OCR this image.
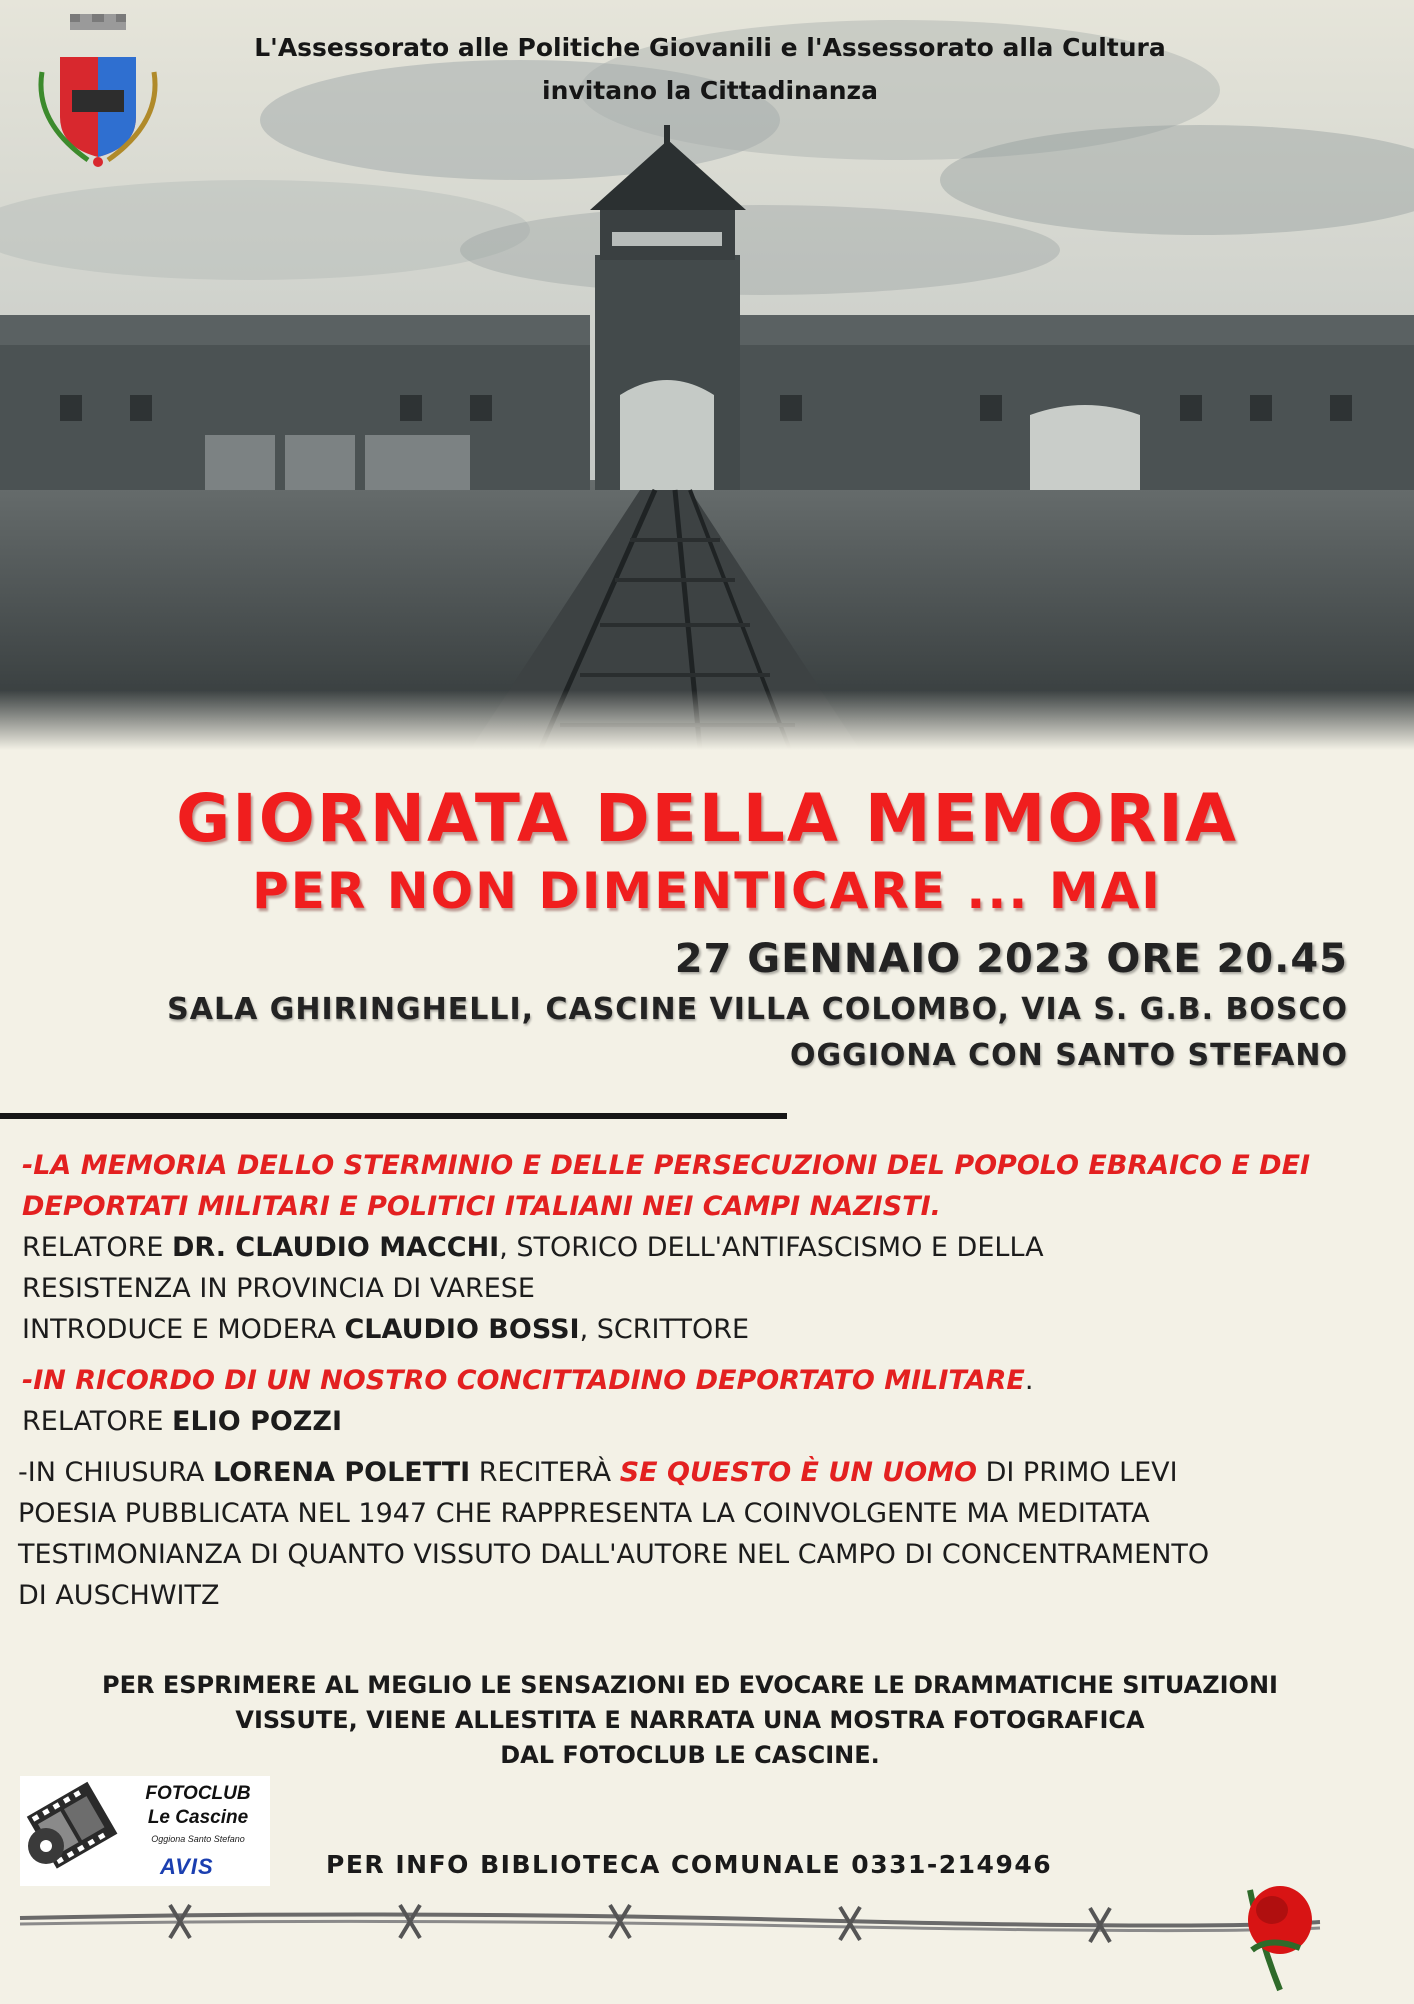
L'Assessorato alle Politiche Giovanili e l'Assessorato alla Cultura
invitano la Cittadinanza
GIORNATA DELLA MEMORIA
PER NON DIMENTICARE ... MAI
27 GENNAIO 2023 ORE 20.45
SALA GHIRINGHELLI, CASCINE VILLA COLOMBO, VIA S. G.B. BOSCO
OGGIONA CON SANTO STEFANO

-LA MEMORIA DELLO STERMINIO E DELLE PERSECUZIONI DEL POPOLO EBRAICO E DEI

DEPORTATI MILITARI E POLITICI ITALIANI NEI CAMPI NAZISTI.

RELATORE DR. CLAUDIO MACCHI, STORICO DELL'ANTIFASCISMO E DELLA

RESISTENZA IN PROVINCIA DI VARESE

INTRODUCE E MODERA CLAUDIO BOSSI, SCRITTORE

-IN RICORDO DI UN NOSTRO CONCITTADINO DEPORTATO MILITARE.

RELATORE ELIO POZZI

-IN CHIUSURA LORENA POLETTI RECITERÀ SE QUESTO È UN UOMO DI PRIMO LEVI

POESIA PUBBLICATA NEL 1947 CHE RAPPRESENTA LA COINVOLGENTE MA MEDITATA

TESTIMONIANZA DI QUANTO VISSUTO DALL'AUTORE NEL CAMPO DI CONCENTRAMENTO

DI AUSCHWITZ

PER ESPRIMERE AL MEGLIO LE SENSAZIONI ED EVOCARE LE DRAMMATICHE SITUAZIONI
VISSUTE, VIENE ALLESTITA E NARRATA UNA MOSTRA FOTOGRAFICA
DAL FOTOCLUB LE CASCINE.
FOTOCLUB
Le Cascine
Oggiona Santo Stefano
AVIS	PER INFO BIBLIOTECA COMUNALE 0331-214946
